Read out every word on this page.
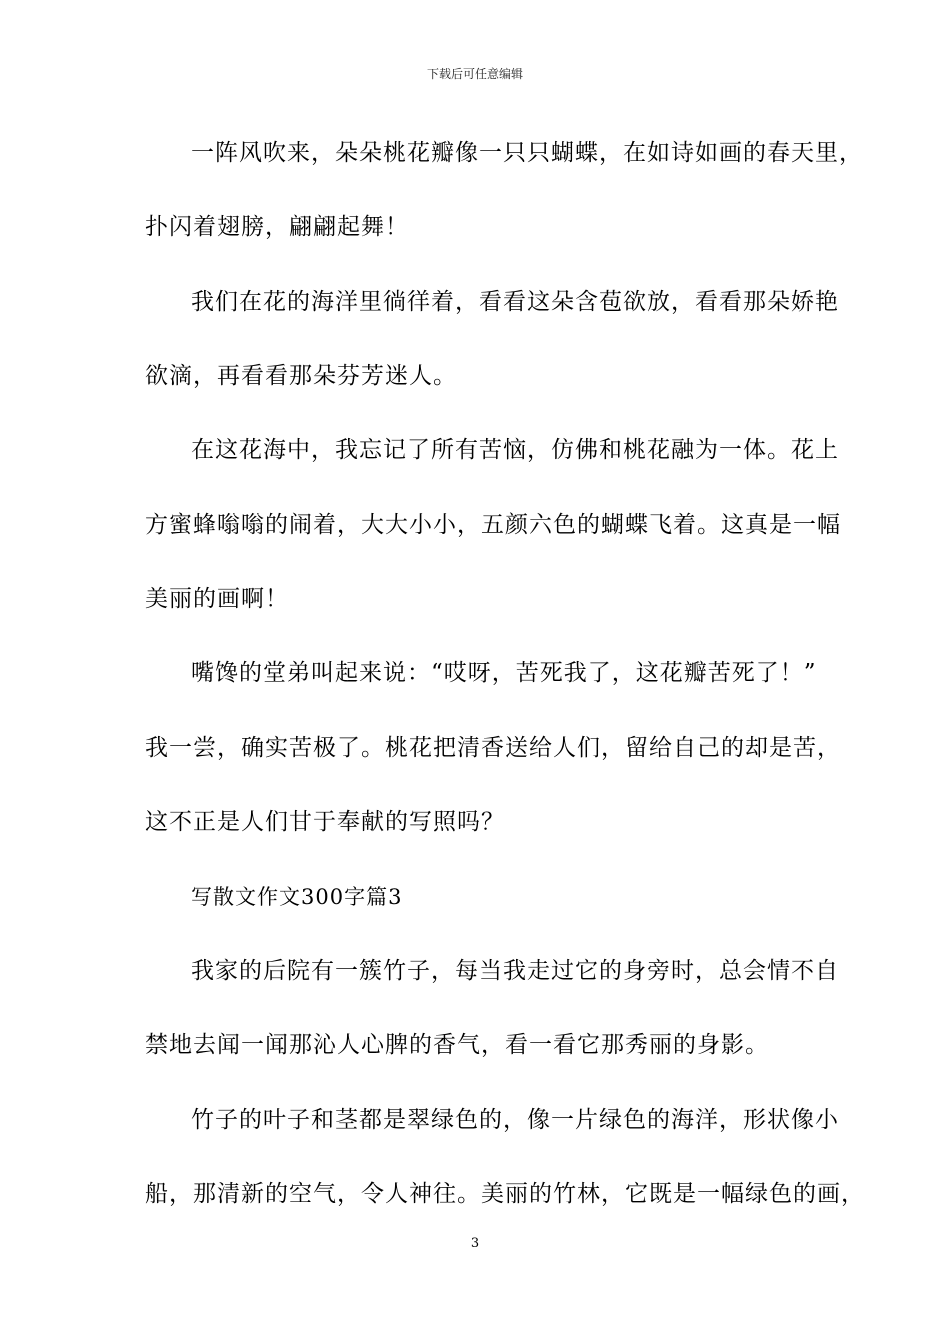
下载后可任意编辑
一阵风吹来，朵朵桃花瓣像一只只蝴蝶，在如诗如画的春天里，
扑闪着翅膀，翩翩起舞！
我们在花的海洋里徜徉着，看看这朵含苞欲放，看看那朵娇艳
欲滴，再看看那朵芬芳迷人。
在这花海中，我忘记了所有苦恼，仿佛和桃花融为一体。花上
方蜜蜂嗡嗡的闹着，大大小小，五颜六色的蝴蝶飞着。这真是一幅
美丽的画啊！
嘴馋的堂弟叫起来说：“哎呀，苦死我了，这花瓣苦死了！”
我一尝，确实苦极了。桃花把清香送给人们，留给自己的却是苦，
这不正是人们甘于奉献的写照吗？
写散文作文300字篇3
我家的后院有一簇竹子，每当我走过它的身旁时，总会情不自
禁地去闻一闻那沁人心脾的香气，看一看它那秀丽的身影。
竹子的叶子和茎都是翠绿色的，像一片绿色的海洋，形状像小
船，那清新的空气，令人神往。美丽的竹林，它既是一幅绿色的画，
3
